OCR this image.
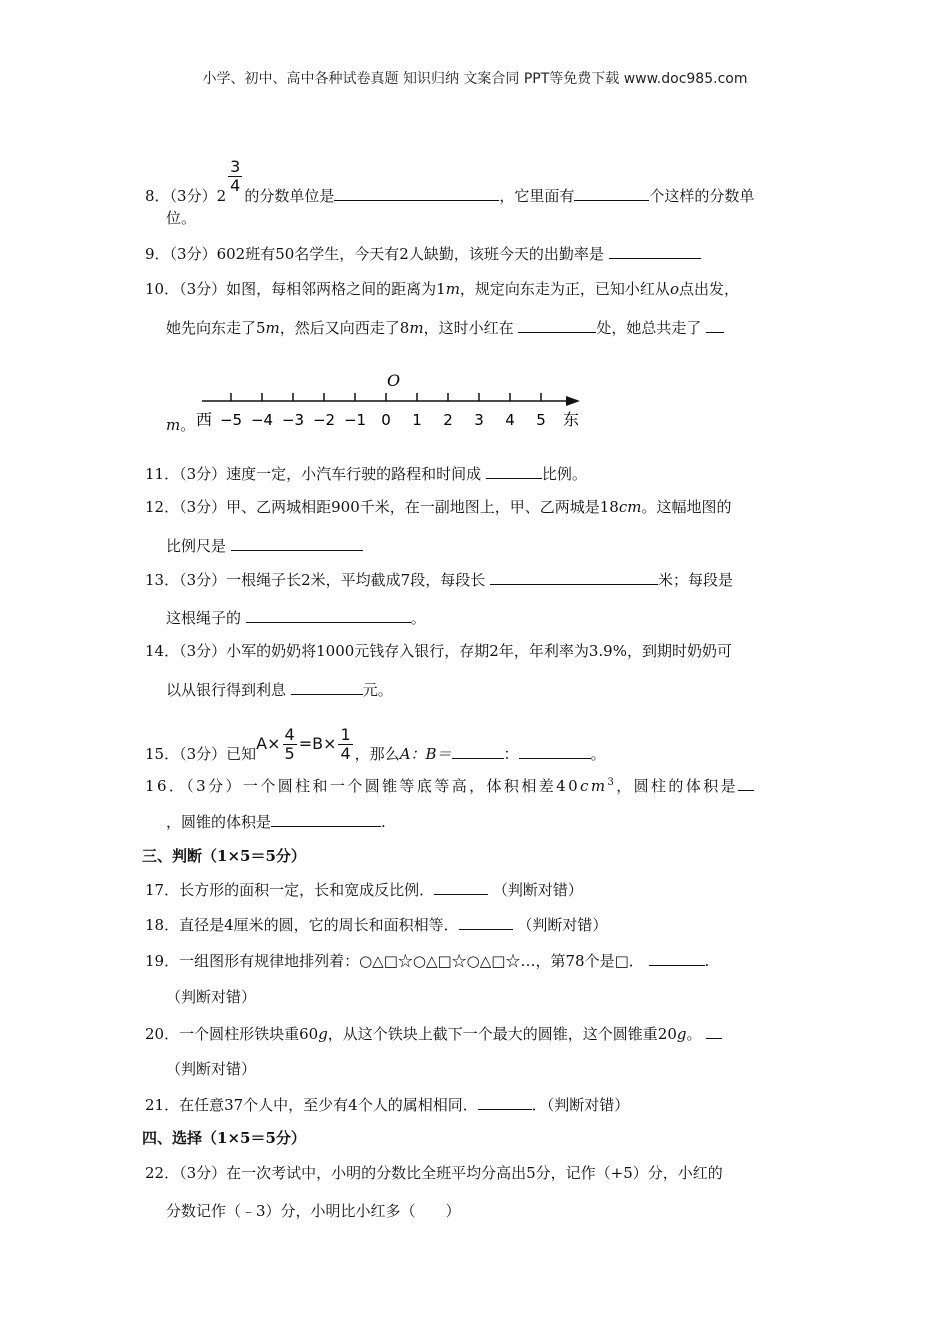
小学、初中、高中各种试卷真题 知识归纳 文案合同 PPT等免费下载 www.doc985.com
8．（3分）2
$\frac{3}{4}$
的分数单位是	，它里面有	个这样的分数单
位。
9．（3分）602班有50名学生，今天有2人缺勤，该班今天的出勤率是
10．（3分）如图，每相邻两格之间的距离为1m，规定向东走为正，已知小红从o点出发，
她先向东走了5m，然后又向西走了8m，这时小红在	处，她总共走了
O
−5 −4 −3 −2 −1 0 1 2 3 4 5
西	东
m。
11．（3分）速度一定，小汽车行驶的路程和时间成	比例。
12．（3分）甲、乙两城相距900千米，在一副地图上，甲、乙两城是18cm。这幅地图的
比例尺是
13．（3分）一根绳子长2米，平均截成7段，每段长	米；每段是
这根绳子的	。
14．（3分）小军的奶奶将1000元钱存入银行，存期2年，年利率为3.9%，到期时奶奶可
以从银行得到利息	元。
15．（3分）已知$A\times \frac{4}{5} =B\times \frac{1}{4}$ ，那么A：B＝	：	。
16．（3分）一个圆柱和一个圆锥等底等高，体积相差$40cm^3$，圆柱的体积是
，圆锥的体积是	.
三、判断（1×5＝5分）
17．长方形的面积一定，长和宽成反比例．	（判断对错）
18．直径是4厘米的圆，它的周长和面积相等．	（判断对错）
19．一组图形有规律地排列着：○△□☆○△□☆○△□☆…，第78个是□．	.
（判断对错）
20．一个圆柱形铁块重60g，从这个铁块上截下一个最大的圆锥，这个圆锥重20g。
（判断对错）
21．在任意37个人中，至少有4个人的属相相同．	．（判断对错）
四、选择（1×5＝5分）
22．（3分）在一次考试中，小明的分数比全班平均分高出5分，记作（+5）分，小红的
分数记作（﹣3）分，小明比小红多（　　）
